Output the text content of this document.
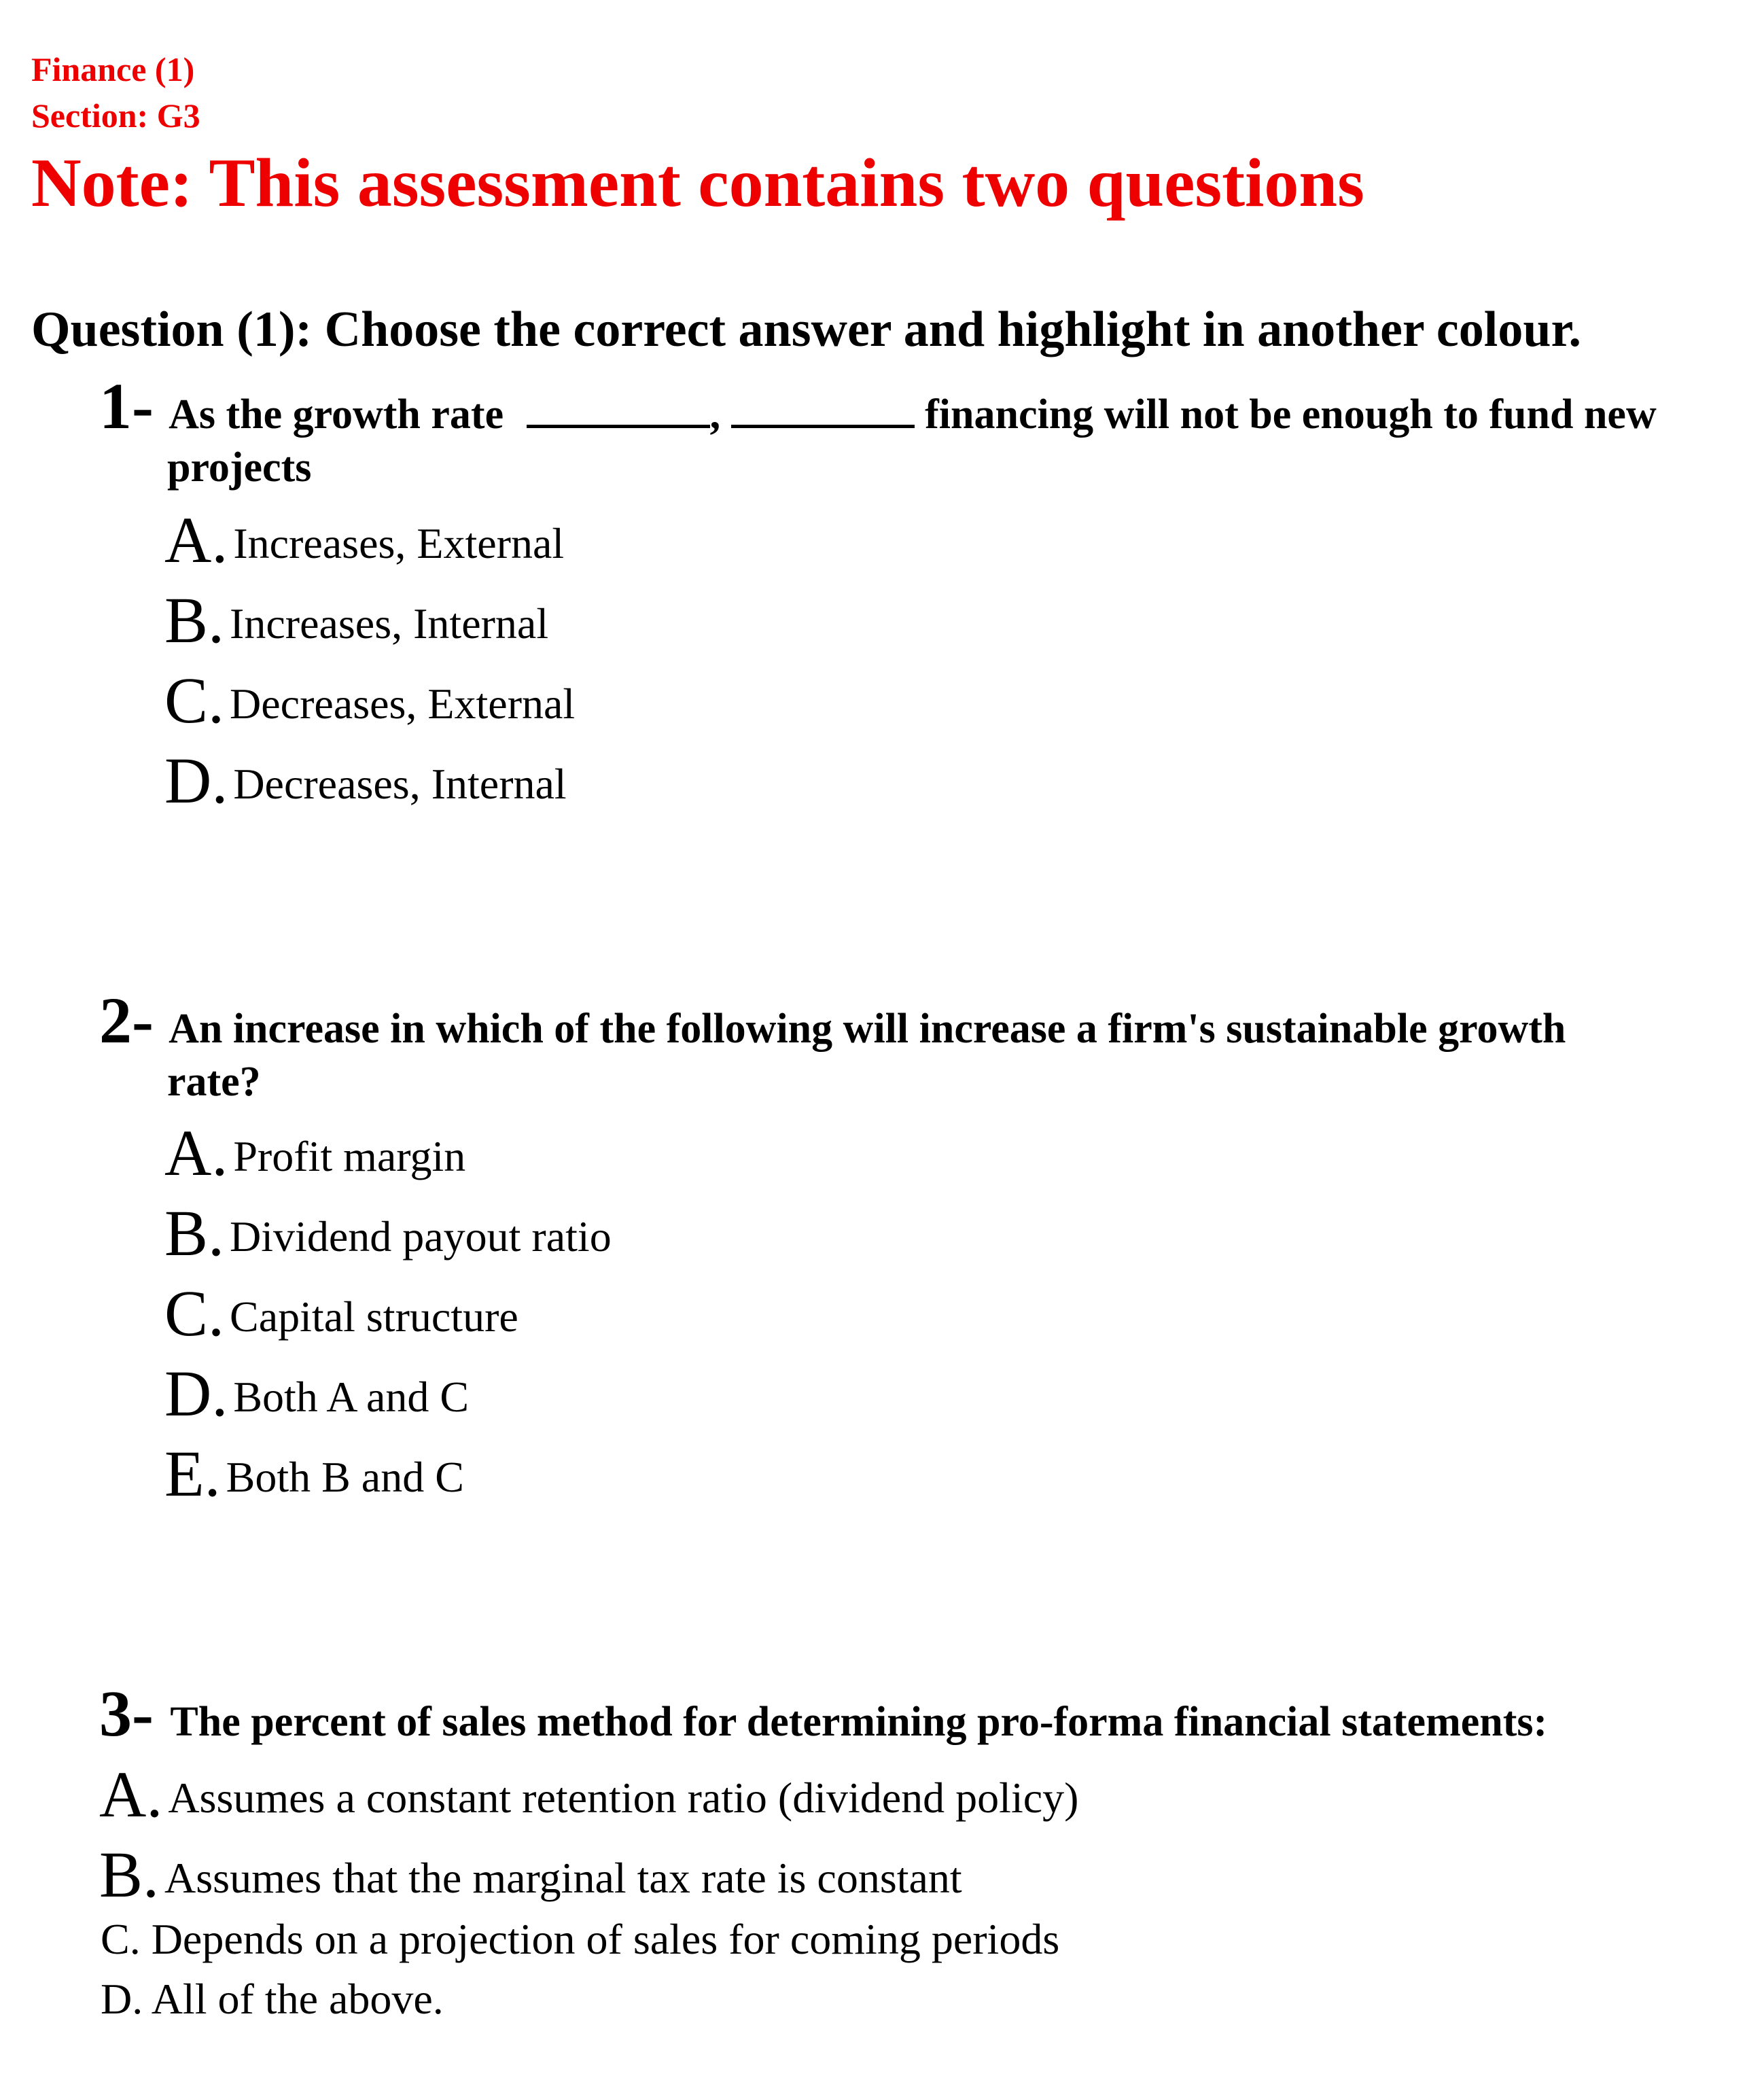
Finance (1)
Section: G3
Note: This assessment contains two questions
Question (1): Choose the correct answer and highlight in another colour.
1- As the growth rate	,	financing will not be enough to fund new
projects
A. Increases, External
B. Increases, Internal
C. Decreases, External
D. Decreases, Internal
2- An increase in which of the following will increase a firm's sustainable growth
rate?
A. Profit margin
B. Dividend payout ratio
C. Capital structure
D. Both A and C
E. Both B and C
3- The percent of sales method for determining pro-forma financial statements:
A. Assumes a constant retention ratio (dividend policy)
B. Assumes that the marginal tax rate is constant
C. Depends on a projection of sales for coming periods
D. All of the above.
